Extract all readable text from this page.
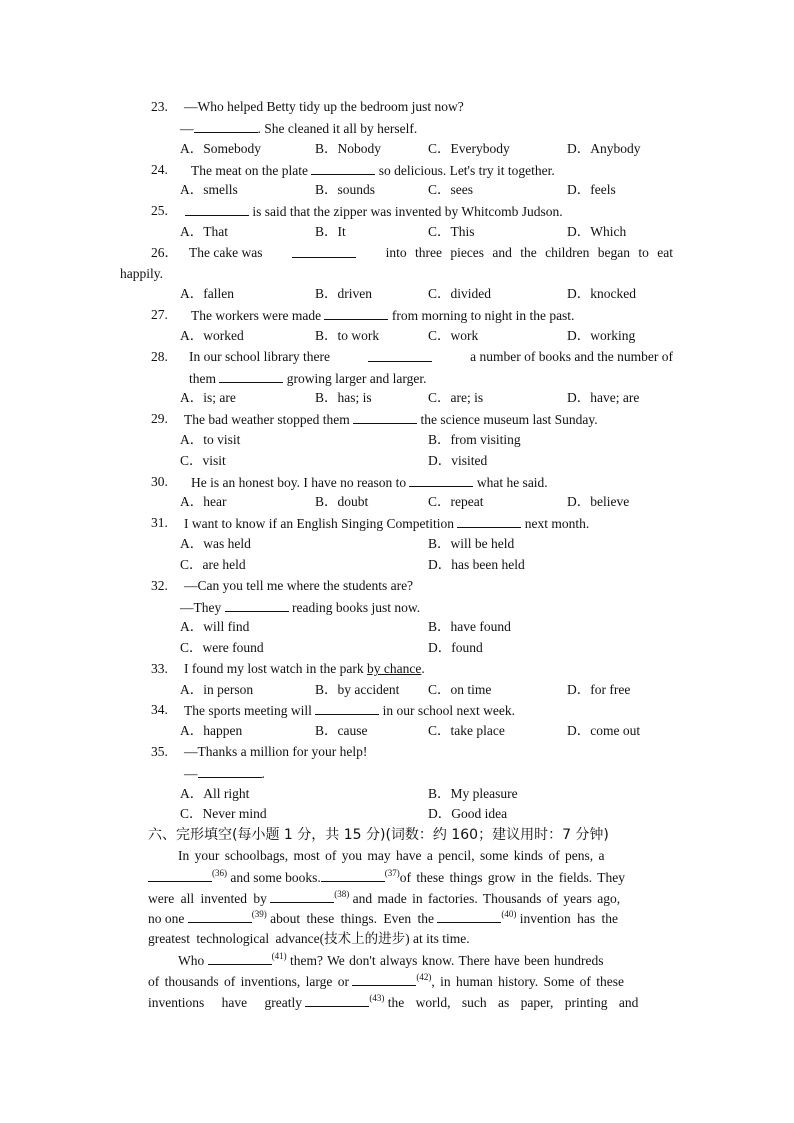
23. —Who helped Betty tidy up the bedroom just now?
—	. She cleaned it all by herself.
A．Somebody	B．Nobody	C．Everybody	D．Anybody
24. The meat on the plate	so delicious. Let's try it together.
A．smells	B．sounds	C．sees	D．feels
25.	is said that the zipper was invented by Whitcomb Judson.
A．That	B．It	C．This	D．Which
26． The cake was	into three pieces and the children began to eat
happily.
A．fallen	B．driven	C．divided	D．knocked
27. The workers were made	from morning to night in the past.
A．worked	B．to work	C．work	D．working
28. In our school library there	a number of books and the number of
them	growing larger and larger.
A．is; are	B．has; is	C．are; is	D．have; are
29. The bad weather stopped them	the science museum last Sunday.
A．to visit	B．from visiting
C．visit	D．visited
30. He is an honest boy. I have no reason to	what he said.
A．hear	B．doubt	C．repeat	D．believe
31. I want to know if an English Singing Competition	next month.
A．was held	B．will be held
C．are held	D．has been held
32. —Can you tell me where the students are?
—They	reading books just now.
A．will find	B．have found
C．were found	D．found
33. I found my lost watch in the park by chance.
A．in person	B．by accident C．on time	D．for free
34. The sports meeting will	in our school next week.
A．happen	B．cause	C．take place	D．come out
35. —Thanks a million for your help!
—	.
A．All right	B．My pleasure
C．Never mind	D．Good idea
六、完形填空(每小题 1 分，共 15 分)(词数：约 160；建议用时：7 分钟)
In your schoolbags, most of you may have a pencil, some kinds of pens, a
$^{(36)}$ and some books.	$^{(37)}$of these things grow in the fields. They
were all invented by	$^{(38)}$ and made in factories. Thousands of years ago,
no one	$^{(39)}$ about these things. Even the	$^{(40)}$ invention has the
greatest technological advance(技术上的进步) at its time.
Who	$^{(41)}$ them? We don't always know. There have been hundreds
of thousands of inventions, large or	$^{(42)}$, in human history. Some of these
inventions have greatly	$^{(43)}$ the world, such as paper, printing and
